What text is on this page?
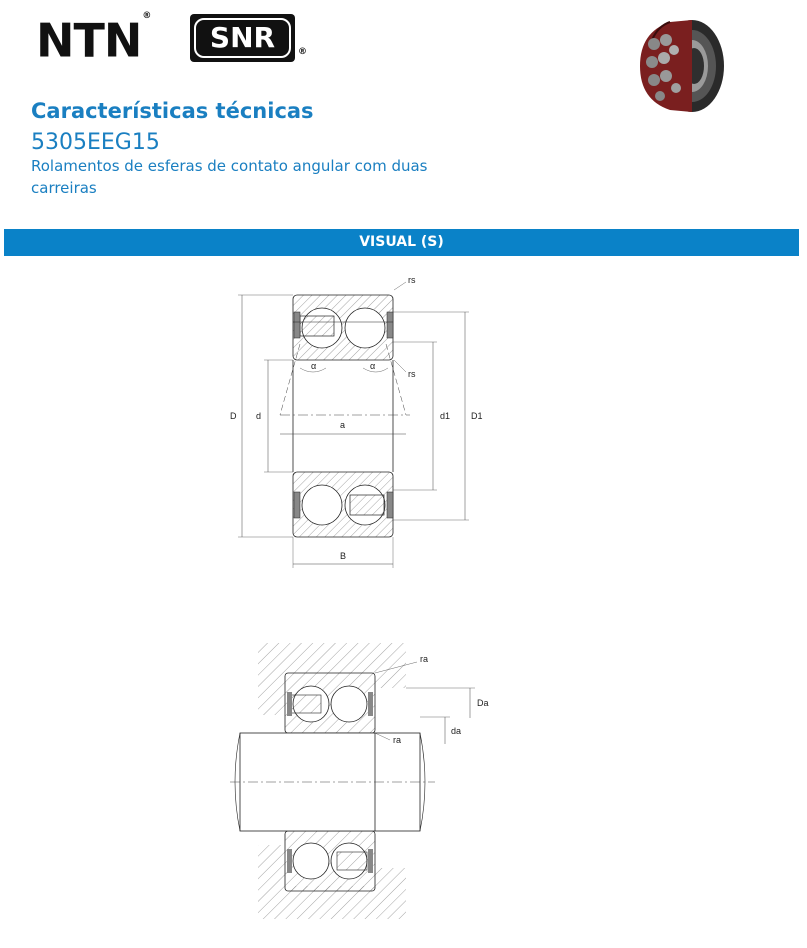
NTN®
SNR	®
Características técnicas
5305EEG15
Rolamentos de esferas de contato angular com duas carreiras
VISUAL (S)
rs
rs
α	α
D d
a
d1 D1
B
ra
ra
Da
da
